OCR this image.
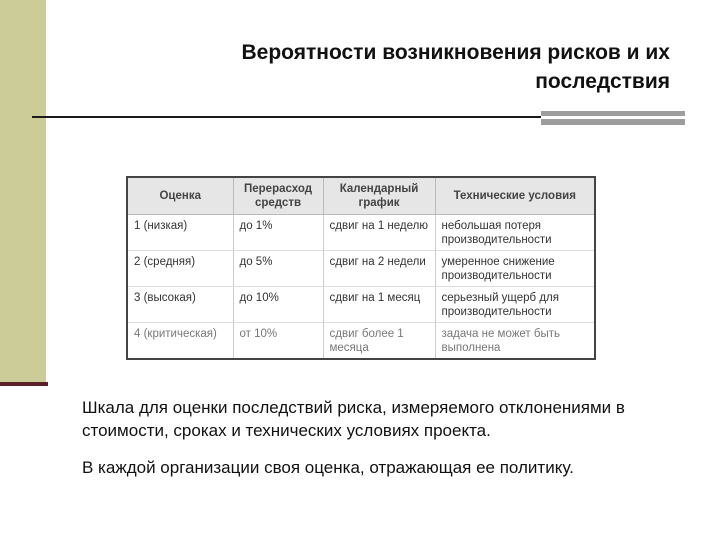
Вероятности возникновения рисков и их
последствия
Оценка	Перерасход средств	Календарный график	Технические условия
1 (низкая)	до 1%	сдвиг на 1 неделю	небольшая потеря производительности
2 (средняя)	до 5%	сдвиг на 2 недели	умеренное снижение производительности
3 (высокая)	до 10%	сдвиг на 1 месяц	серьезный ущерб для производительности
4 (критическая)	от 10%	сдвиг более 1 месяца	задача не может быть выполнена

Шкала для оценки последствий риска, измеряемого отклонениями в стоимости, сроках и технических условиях проекта.

В каждой организации своя оценка, отражающая ее политику.
